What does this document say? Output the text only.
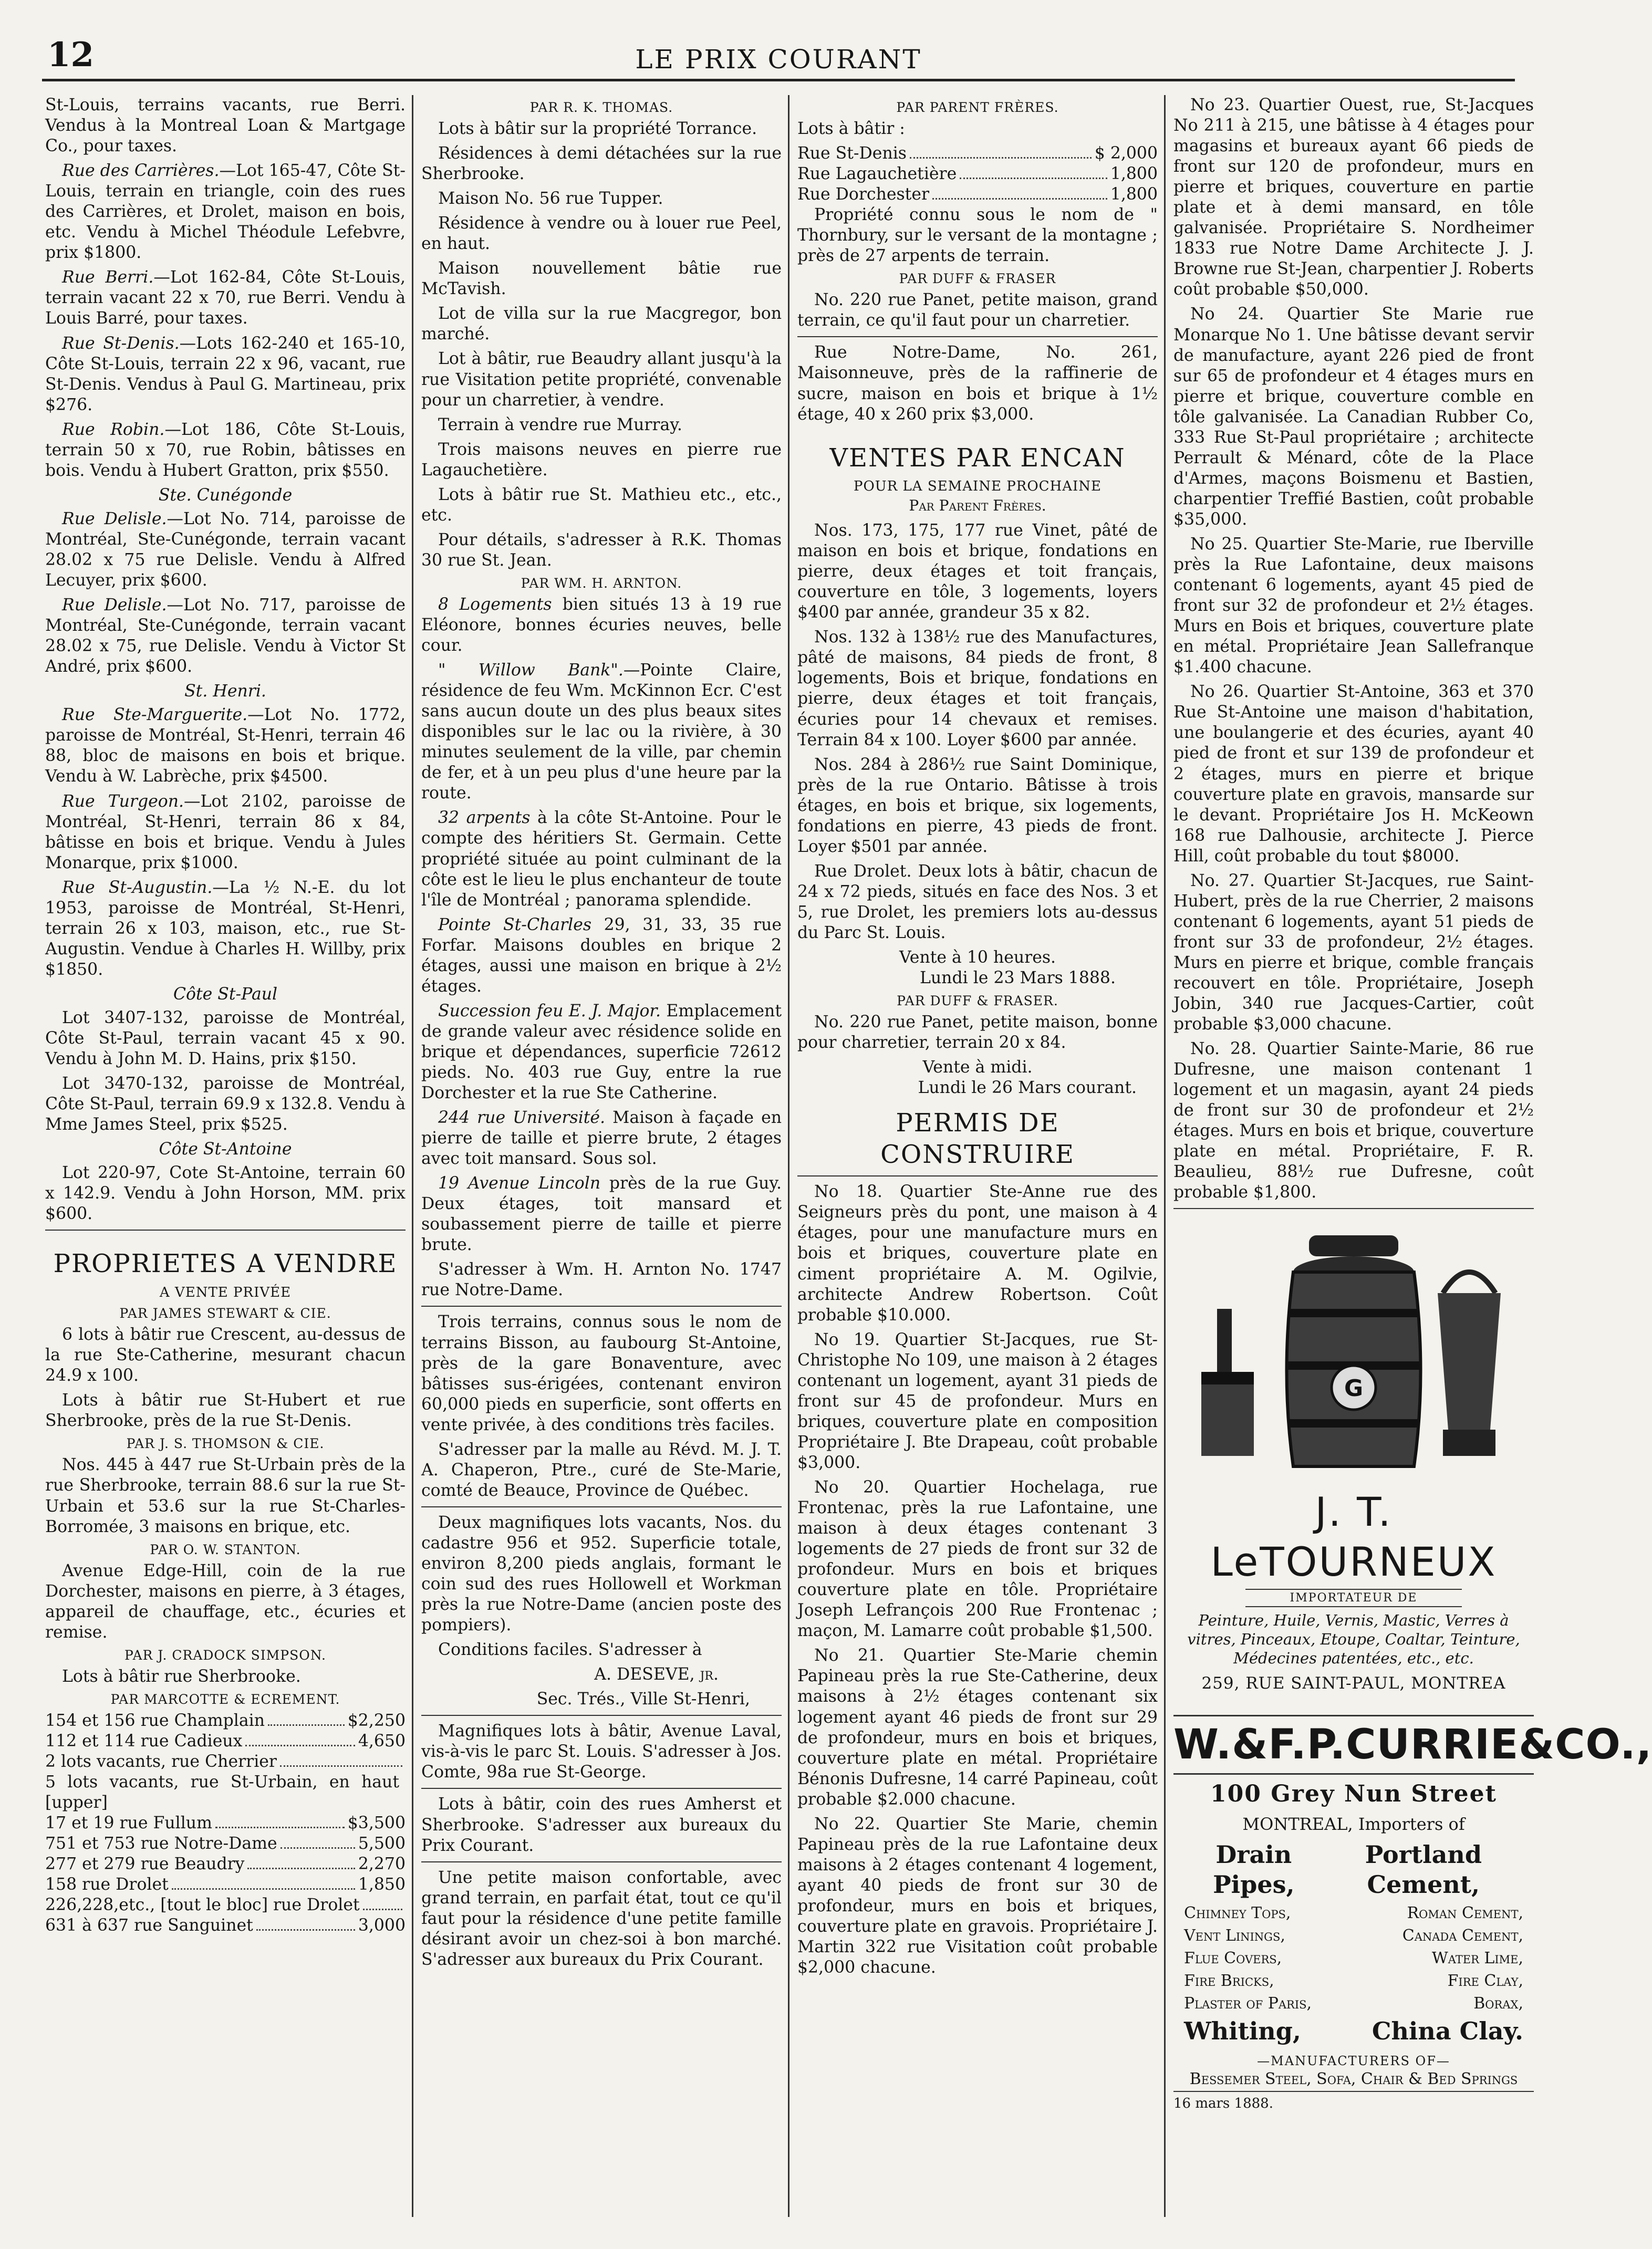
12	LE PRIX COURANT

St-Louis, terrains vacants, rue Berri. Vendus à la Montreal Loan & Martgage Co., pour taxes.

Rue des Carrières.—Lot 165-47, Côte St-Louis, terrain en triangle, coin des rues des Carrières, et Drolet, maison en bois, etc. Vendu à Michel Théodule Lefebvre, prix $1800.

Rue Berri.—Lot 162-84, Côte St-Louis, terrain vacant 22 x 70, rue Berri. Vendu à Louis Barré, pour taxes.

Rue St-Denis.—Lots 162-240 et 165-10, Côte St-Louis, terrain 22 x 96, vacant, rue St-Denis. Vendus à Paul G. Martineau, prix $276.

Rue Robin.—Lot 186, Côte St-Louis, terrain 50 x 70, rue Robin, bâtisses en bois. Vendu à Hubert Gratton, prix $550.

Ste. Cunégonde

Rue Delisle.—Lot No. 714, paroisse de Montréal, Ste-Cunégonde, terrain vacant 28.02 x 75 rue Delisle. Vendu à Alfred Lecuyer, prix $600.

Rue Delisle.—Lot No. 717, paroisse de Montréal, Ste-Cunégonde, terrain vacant 28.02 x 75, rue Delisle. Vendu à Victor St André, prix $600.

St. Henri.

Rue Ste-Marguerite.—Lot No. 1772, paroisse de Montréal, St-Henri, terrain 46 88, bloc de maisons en bois et brique. Vendu à W. Labrèche, prix $4500.

Rue Turgeon.—Lot 2102, paroisse de Montréal, St-Henri, terrain 86 x 84, bâtisse en bois et brique. Vendu à Jules Monarque, prix $1000.

Rue St-Augustin.—La ½ N.-E. du lot 1953, paroisse de Montréal, St-Henri, terrain 26 x 103, maison, etc., rue St-Augustin. Vendue à Charles H. Willby, prix $1850.

Côte St-Paul

Lot 3407-132, paroisse de Montréal, Côte St-Paul, terrain vacant 45 x 90. Vendu à John M. D. Hains, prix $150.

Lot 3470-132, paroisse de Montréal, Côte St-Paul, terrain 69.9 x 132.8. Vendu à Mme James Steel, prix $525.

Côte St-Antoine

Lot 220-97, Cote St-Antoine, terrain 60 x 142.9. Vendu à John Horson, MM. prix $600.

PROPRIETES A VENDRE
A VENTE PRIVÉE
PAR JAMES STEWART & CIE.

6 lots à bâtir rue Crescent, au-dessus de la rue Ste-Catherine, mesurant chacun 24.9 x 100.

Lots à bâtir rue St-Hubert et rue Sherbrooke, près de la rue St-Denis.

PAR J. S. THOMSON & CIE.

Nos. 445 à 447 rue St-Urbain près de la rue Sherbrooke, terrain 88.6 sur la rue St-Urbain et 53.6 sur la rue St-Charles-Borromée, 3 maisons en brique, etc.

PAR O. W. STANTON.

Avenue Edge-Hill, coin de la rue Dorchester, maisons en pierre, à 3 étages, appareil de chauffage, etc., écuries et remise.

PAR J. CRADOCK SIMPSON.

Lots à bâtir rue Sherbrooke.

PAR MARCOTTE & ECREMENT.
154 et 156 rue Champlain	$2,250
112 et 114 rue Cadieux	4,650
2 lots vacants, rue Cherrier
5 lots vacants, rue St-Urbain, en haut [upper]
17 et 19 rue Fullum	$3,500
751 et 753 rue Notre-Dame	5,500
277 et 279 rue Beaudry	2,270
158 rue Drolet	1,850
226,228,etc., [tout le bloc] rue Drolet
631 à 637 rue Sanguinet	3,000
PAR R. K. THOMAS.

Lots à bâtir sur la propriété Torrance.

Résidences à demi détachées sur la rue Sherbrooke.

Maison No. 56 rue Tupper.

Résidence à vendre ou à louer rue Peel, en haut.

Maison nouvellement bâtie rue McTavish.

Lot de villa sur la rue Macgregor, bon marché.

Lot à bâtir, rue Beaudry allant jusqu'à la rue Visitation petite propriété, convenable pour un charretier, à vendre.

Terrain à vendre rue Murray.

Trois maisons neuves en pierre rue Lagauchetière.

Lots à bâtir rue St. Mathieu etc., etc., etc.

Pour détails, s'adresser à R.K. Thomas 30 rue St. Jean.

PAR WM. H. ARNTON.

8 Logements bien situés 13 à 19 rue Eléonore, bonnes écuries neuves, belle cour.

" Willow Bank".—Pointe Claire, résidence de feu Wm. McKinnon Ecr. C'est sans aucun doute un des plus beaux sites disponibles sur le lac ou la rivière, à 30 minutes seulement de la ville, par chemin de fer, et à un peu plus d'une heure par la route.

32 arpents à la côte St-Antoine. Pour le compte des héritiers St. Germain. Cette propriété située au point culminant de la côte est le lieu le plus enchanteur de toute l'île de Montréal ; panorama splendide.

Pointe St-Charles 29, 31, 33, 35 rue Forfar. Maisons doubles en brique 2 étages, aussi une maison en brique à 2½ étages.

Succession feu E. J. Major. Emplacement de grande valeur avec résidence solide en brique et dépendances, superficie 72612 pieds. No. 403 rue Guy, entre la rue Dorchester et la rue Ste Catherine.

244 rue Université. Maison à façade en pierre de taille et pierre brute, 2 étages avec toit mansard. Sous sol.

19 Avenue Lincoln près de la rue Guy. Deux étages, toit mansard et soubassement pierre de taille et pierre brute.

S'adresser à Wm. H. Arnton No. 1747 rue Notre-Dame.

Trois terrains, connus sous le nom de terrains Bisson, au faubourg St-Antoine, près de la gare Bonaventure, avec bâtisses sus-érigées, contenant environ 60,000 pieds en superficie, sont offerts en vente privée, à des conditions très faciles.

S'adresser par la malle au Révd. M. J. T. A. Chaperon, Ptre., curé de Ste-Marie, comté de Beauce, Province de Québec.

Deux magnifiques lots vacants, Nos. du cadastre 956 et 952. Superficie totale, environ 8,200 pieds anglais, formant le coin sud des rues Hollowell et Workman près la rue Notre-Dame (ancien poste des pompiers).

Conditions faciles. S'adresser à

A. DESEVE, jr.

Sec. Trés., Ville St-Henri,

Magnifiques lots à bâtir, Avenue Laval, vis-à-vis le parc St. Louis. S'adresser à Jos. Comte, 98a rue St-George.

Lots à bâtir, coin des rues Amherst et Sherbrooke. S'adresser aux bureaux du Prix Courant.

Une petite maison confortable, avec grand terrain, en parfait état, tout ce qu'il faut pour la résidence d'une petite famille désirant avoir un chez-soi à bon marché. S'adresser aux bureaux du Prix Courant.

PAR PARENT FRÈRES.

Lots à bâtir :

Rue St-Denis	$ 2,000
Rue Lagauchetière	1,800
Rue Dorchester	1,800

Propriété connu sous le nom de " Thornbury, sur le versant de la montagne ; près de 27 arpents de terrain.

PAR DUFF & FRASER

No. 220 rue Panet, petite maison, grand terrain, ce qu'il faut pour un charretier.

Rue Notre-Dame, No. 261, Maisonneuve, près de la raffinerie de sucre, maison en bois et brique à 1½ étage, 40 x 260 prix $3,000.

VENTES PAR ENCAN
POUR LA SEMAINE PROCHAINE
Par Parent Frères.

Nos. 173, 175, 177 rue Vinet, pâté de maison en bois et brique, fondations en pierre, deux étages et toit français, couverture en tôle, 3 logements, loyers $400 par année, grandeur 35 x 82.

Nos. 132 à 138½ rue des Manufactures, pâté de maisons, 84 pieds de front, 8 logements, Bois et brique, fondations en pierre, deux étages et toit français, écuries pour 14 chevaux et remises. Terrain 84 x 100. Loyer $600 par année.

Nos. 284 à 286½ rue Saint Dominique, près de la rue Ontario. Bâtisse à trois étages, en bois et brique, six logements, fondations en pierre, 43 pieds de front. Loyer $501 par année.

Rue Drolet. Deux lots à bâtir, chacun de 24 x 72 pieds, situés en face des Nos. 3 et 5, rue Drolet, les premiers lots au-dessus du Parc St. Louis.

Vente à 10 heures.

Lundi le 23 Mars 1888.

PAR DUFF & FRASER.

No. 220 rue Panet, petite maison, bonne pour charretier, terrain 20 x 84.

Vente à midi.

Lundi le 26 Mars courant.

PERMIS DE CONSTRUIRE

No 18. Quartier Ste-Anne rue des Seigneurs près du pont, une maison à 4 étages, pour une manufacture murs en bois et briques, couverture plate en ciment propriétaire A. M. Ogilvie, architecte Andrew Robertson. Coût probable $10.000.

No 19. Quartier St-Jacques, rue St-Christophe No 109, une maison à 2 étages contenant un logement, ayant 31 pieds de front sur 45 de profondeur. Murs en briques, couverture plate en composition Propriétaire J. Bte Drapeau, coût probable $3,000.

No 20. Quartier Hochelaga, rue Frontenac, près la rue Lafontaine, une maison à deux étages contenant 3 logements de 27 pieds de front sur 32 de profondeur. Murs en bois et briques couverture plate en tôle. Propriétaire Joseph Lefrançois 200 Rue Frontenac ; maçon, M. Lamarre coût probable $1,500.

No 21. Quartier Ste-Marie chemin Papineau près la rue Ste-Catherine, deux maisons à 2½ étages contenant six logement ayant 46 pieds de front sur 29 de profondeur, murs en bois et briques, couverture plate en métal. Propriétaire Bénonis Dufresne, 14 carré Papineau, coût probable $2.000 chacune.

No 22. Quartier Ste Marie, chemin Papineau près de la rue Lafontaine deux maisons à 2 étages contenant 4 logement, ayant 40 pieds de front sur 30 de profondeur, murs en bois et briques, couverture plate en gravois. Propriétaire J. Martin 322 rue Visitation coût probable $2,000 chacune.

No 23. Quartier Ouest, rue, St-Jacques No 211 à 215, une bâtisse à 4 étages pour magasins et bureaux ayant 66 pieds de front sur 120 de profondeur, murs en pierre et briques, couverture en partie plate et à demi mansard, en tôle galvanisée. Propriétaire S. Nordheimer 1833 rue Notre Dame Architecte J. J. Browne rue St-Jean, charpentier J. Roberts coût probable $50,000.

No 24. Quartier Ste Marie rue Monarque No 1. Une bâtisse devant servir de manufacture, ayant 226 pied de front sur 65 de profondeur et 4 étages murs en pierre et brique, couverture comble en tôle galvanisée. La Canadian Rubber Co, 333 Rue St-Paul propriétaire ; architecte Perrault & Ménard, côte de la Place d'Armes, maçons Boismenu et Bastien, charpentier Treffié Bastien, coût probable $35,000.

No 25. Quartier Ste-Marie, rue Iberville près la Rue Lafontaine, deux maisons contenant 6 logements, ayant 45 pied de front sur 32 de profondeur et 2½ étages. Murs en Bois et briques, couverture plate en métal. Propriétaire Jean Sallefranque $1.400 chacune.

No 26. Quartier St-Antoine, 363 et 370 Rue St-Antoine une maison d'habitation, une boulangerie et des écuries, ayant 40 pied de front et sur 139 de profondeur et 2 étages, murs en pierre et brique couverture plate en gravois, mansarde sur le devant. Propriétaire Jos H. McKeown 168 rue Dalhousie, architecte J. Pierce Hill, coût probable du tout $8000.

No. 27. Quartier St-Jacques, rue Saint-Hubert, près de la rue Cherrier, 2 maisons contenant 6 logements, ayant 51 pieds de front sur 33 de profondeur, 2½ étages. Murs en pierre et brique, comble français recouvert en tôle. Propriétaire, Joseph Jobin, 340 rue Jacques-Cartier, coût probable $3,000 chacune.

No. 28. Quartier Sainte-Marie, 86 rue Dufresne, une maison contenant 1 logement et un magasin, ayant 24 pieds de front sur 30 de profondeur et 2½ étages. Murs en bois et brique, couverture plate en métal. Propriétaire, F. R. Beaulieu, 88½ rue Dufresne, coût probable $1,800.

G
J. T. LeTOURNEUX
IMPORTATEUR DE
Peinture, Huile, Vernis, Mastic, Verres à vitres, Pinceaux, Etoupe, Coaltar, Teinture, Médecines patentées, etc., etc.
259, RUE SAINT-PAUL, MONTREA
W.&F.P.CURRIE&CO.,
100 Grey Nun Street
MONTREAL, Importers of
Drain Pipes,
Portland Cement,
Chimney Tops,	Roman Cement,
Vent Linings,	Canada Cement,
Flue Covers,	Water Lime,
Fire Bricks,	Fire Clay,
Plaster of Paris,	Borax,
Whiting,	China Clay.
—MANUFACTURERS OF—
Bessemer Steel, Sofa, Chair & Bed Springs
16 mars 1888.
